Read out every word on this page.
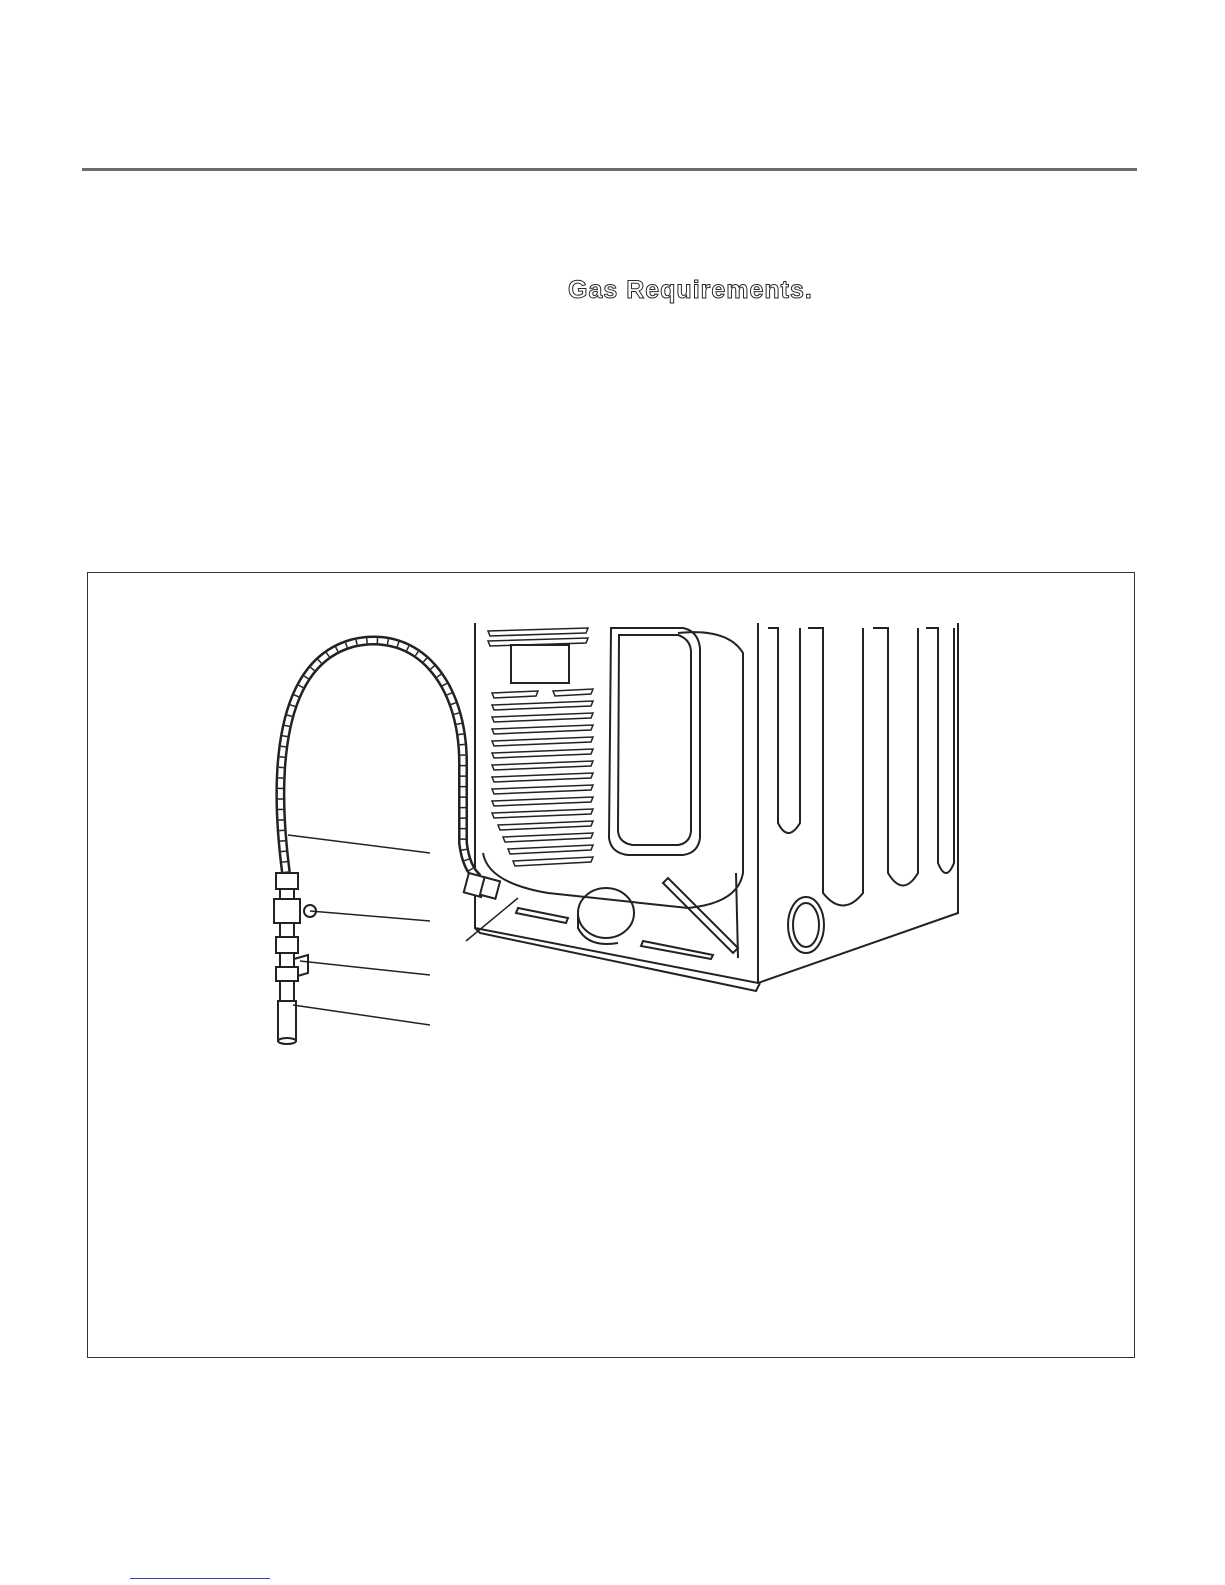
Gas Requirements.
